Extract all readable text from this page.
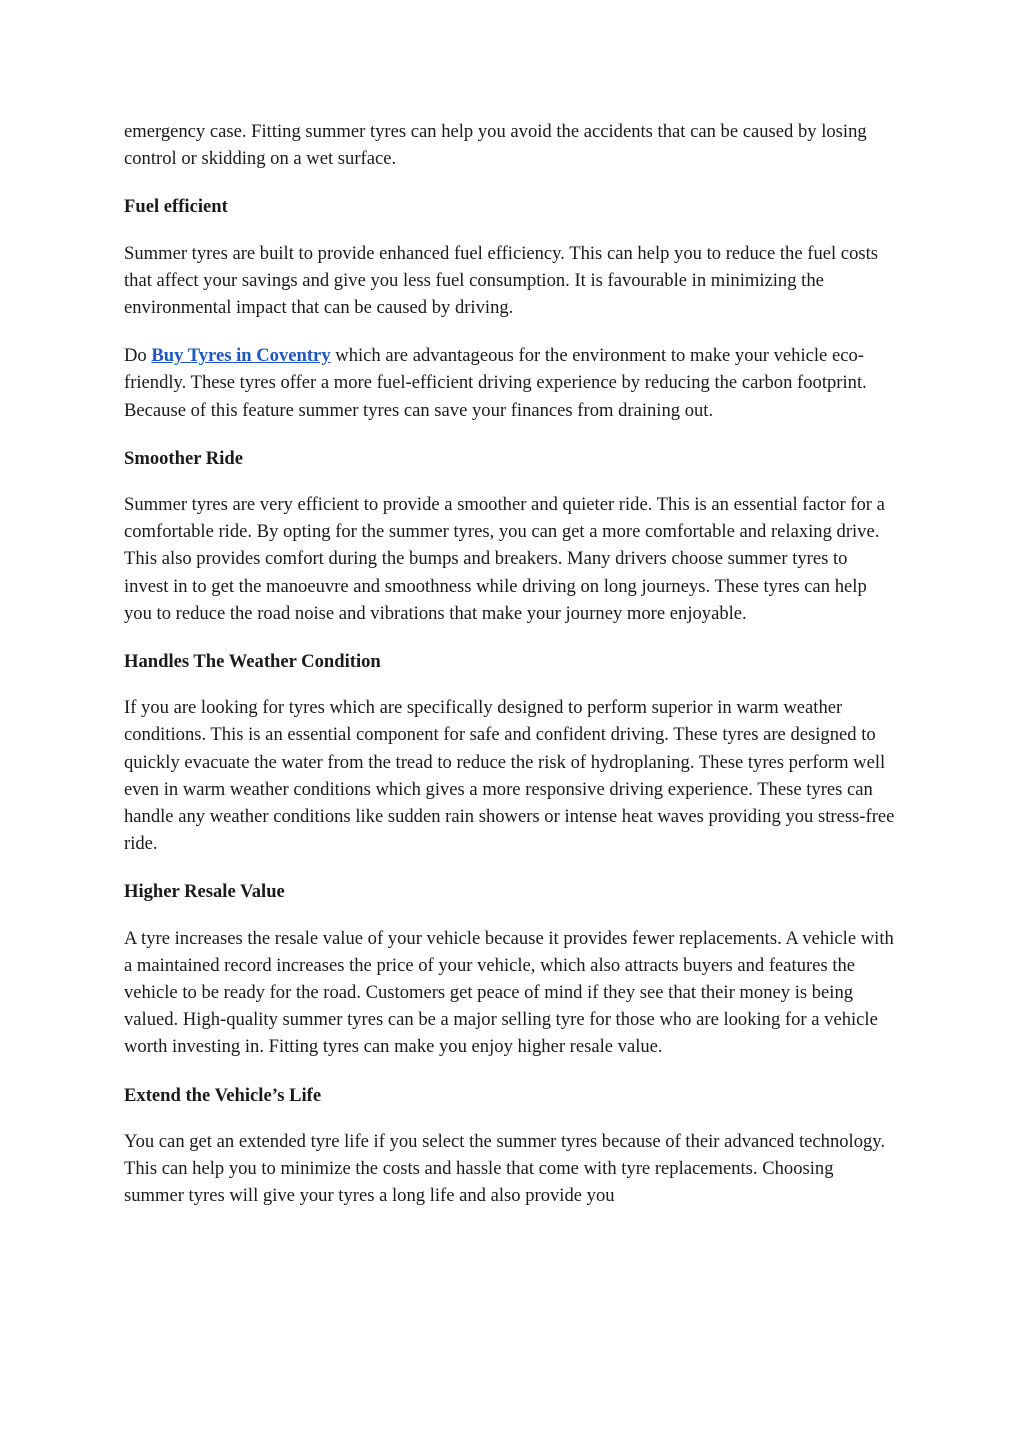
emergency case. Fitting summer tyres can help you avoid the accidents that can be caused by losing control or skidding on a wet surface.

Fuel efficient

Summer tyres are built to provide enhanced fuel efficiency. This can help you to reduce the fuel costs that affect your savings and give you less fuel consumption. It is favourable in minimizing the environmental impact that can be caused by driving.

Do Buy Tyres in Coventry which are advantageous for the environment to make your vehicle eco-friendly. These tyres offer a more fuel-efficient driving experience by reducing the carbon footprint. Because of this feature summer tyres can save your finances from draining out.

Smoother Ride

Summer tyres are very efficient to provide a smoother and quieter ride. This is an essential factor for a comfortable ride. By opting for the summer tyres, you can get a more comfortable and relaxing drive. This also provides comfort during the bumps and breakers. Many drivers choose summer tyres to invest in to get the manoeuvre and smoothness while driving on long journeys. These tyres can help you to reduce the road noise and vibrations that make your journey more enjoyable.

Handles The Weather Condition

If you are looking for tyres which are specifically designed to perform superior in warm weather conditions. This is an essential component for safe and confident driving. These tyres are designed to quickly evacuate the water from the tread to reduce the risk of hydroplaning. These tyres perform well even in warm weather conditions which gives a more responsive driving experience. These tyres can handle any weather conditions like sudden rain showers or intense heat waves providing you stress-free ride.

Higher Resale Value

A tyre increases the resale value of your vehicle because it provides fewer replacements. A vehicle with a maintained record increases the price of your vehicle, which also attracts buyers and features the vehicle to be ready for the road. Customers get peace of mind if they see that their money is being valued. High-quality summer tyres can be a major selling tyre for those who are looking for a vehicle worth investing in. Fitting tyres can make you enjoy higher resale value.

Extend the Vehicle’s Life

You can get an extended tyre life if you select the summer tyres because of their advanced technology. This can help you to minimize the costs and hassle that come with tyre replacements. Choosing summer tyres will give your tyres a long life and also provide you
